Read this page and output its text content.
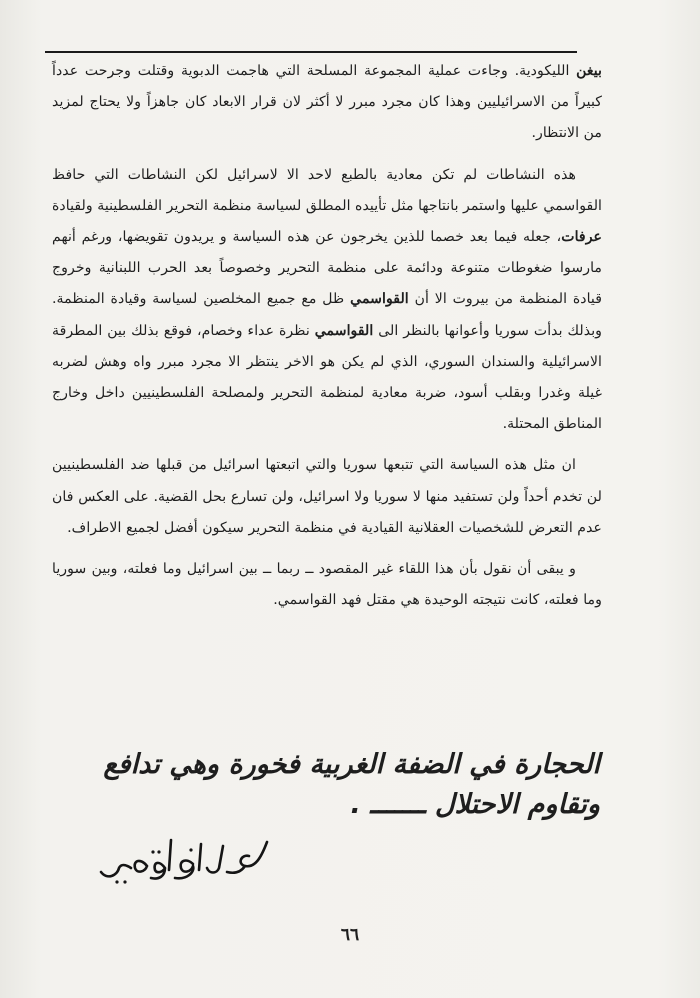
بيغن الليكودية. وجاءت عملية المجموعة المسلحة التي هاجمت الدبوية وقتلت وجرحت عدداً كبيراً من الاسرائيليين وهذا كان مجرد مبرر لا أكثر لان قرار الابعاد كان جاهزاً ولا يحتاج لمزيد من الانتظار.

هذه النشاطات لم تكن معادية بالطبع لاحد الا لاسرائيل لكن النشاطات التي حافظ القواسمي عليها واستمر بانتاجها مثل تأييده المطلق لسياسة منظمة التحرير الفلسطينية ولقيادة عرفات، جعله فيما بعد خصما للذين يخرجون عن هذه السياسة و يريدون تقويضها، ورغم أنهم مارسوا ضغوطات متنوعة ودائمة على منظمة التحرير وخصوصاً بعد الحرب اللبنانية وخروج قيادة المنظمة من بيروت الا أن القواسمي ظل مع جميع المخلصين لسياسة وقيادة المنظمة. وبذلك بدأت سوريا وأعوانها بالنظر الى القواسمي نظرة عداء وخصام، فوقع بذلك بين المطرقة الاسرائيلية والسندان السوري، الذي لم يكن هو الاخر ينتظر الا مجرد مبرر واه وهش لضربه غيلة وغدرا وبقلب أسود، ضربة معادية لمنظمة التحرير ولمصلحة الفلسطينيين داخل وخارج المناطق المحتلة.

ان مثل هذه السياسة التي تتبعها سوريا والتي اتبعتها اسرائيل من قبلها ضد الفلسطينيين لن تخدم أحداً ولن تستفيد منها لا سوريا ولا اسرائيل، ولن تسارع بحل القضية. على العكس فان عدم التعرض للشخصيات العقلانية القيادية في منظمة التحرير سيكون أفضل لجميع الاطراف.

و يبقى أن نقول بأن هذا اللقاء غير المقصود ــ ربما ــ بين اسرائيل وما فعلته، وبين سوريا وما فعلته، كانت نتيجته الوحيدة هي مقتل فهد القواسمي.

الحجارة في الضفة الغربية فخورة وهي تدافع
وتقاوم الاحتلال ـــــــ .
٦٦
